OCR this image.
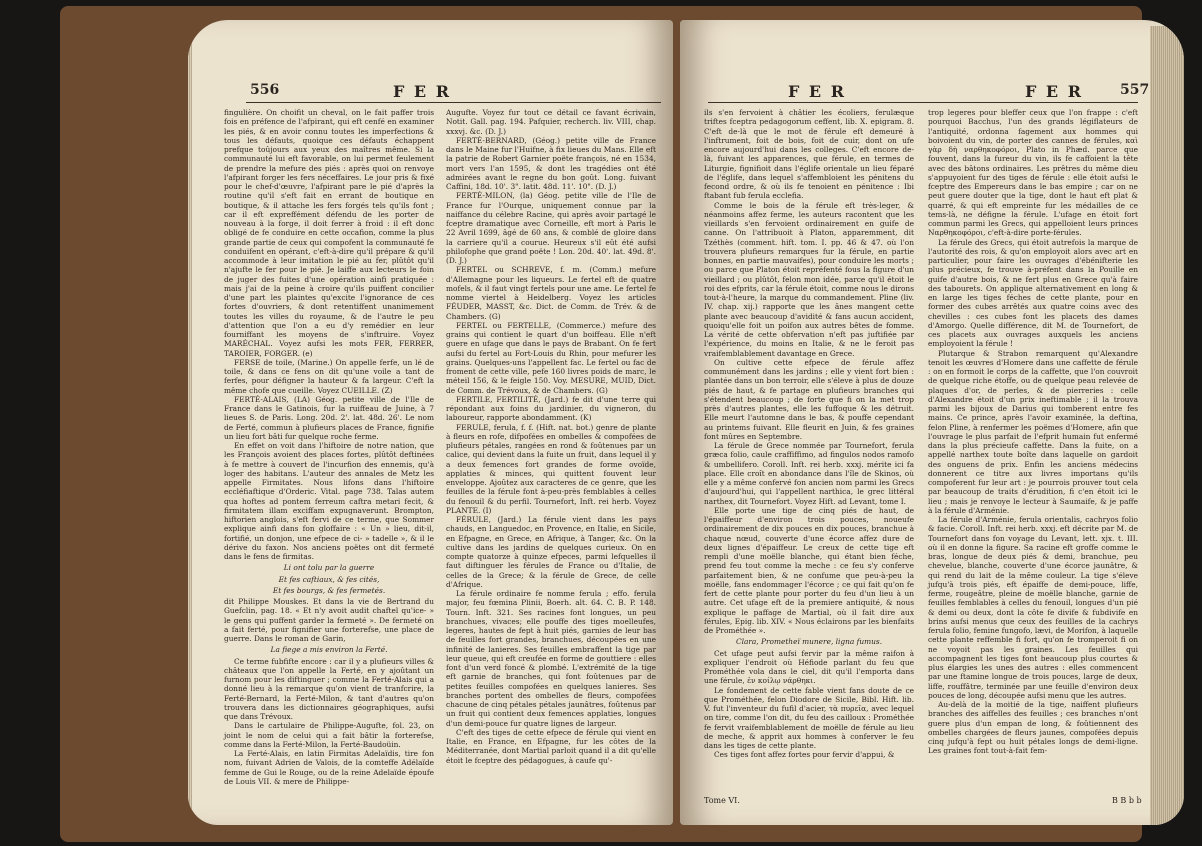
556	F E R

fingulière. On choifit un cheval, on le fait paffer trois fois en préfence de l'afpirant, qui eft cenfé en examiner les piés, & en avoir connu toutes les imperfections & tous les défauts, quoique ces défauts échappent prefque toûjours aux yeux des maîtres même. Si la communauté lui eft favorable, on lui permet feulement de prendre la mefure des piés : après quoi on renvoye l'afpirant forger les fers néceffaires. Le jour pris & fixé pour le chef-d'œuvre, l'afpirant pare le pié d'après la routine qu'il s'eft fait en errant de boutique en boutique, & il attache les fers forgés tels qu'ils font ; car il eft expreffément défendu de les porter de nouveau à la forge, il doit ferrer à froid : il eft donc obligé de fe conduire en cette occafion, comme la plus grande partie de ceux qui compofent la communauté fe conduifent en opérant, c'eft-à-dire qu'il prépare & qu'il accommode à leur imitation le pié au fer, plûtôt qu'il n'ajufte le fer pour le pié. Je laiffe aux lecteurs le foin de juger des fuites d'une opération ainfi pratiquée : mais j'ai de la peine à croire qu'ils puiffent concilier d'une part les plaintes qu'excite l'ignorance de ces fortes d'ouvriers, & dont retentiffent unanimement toutes les villes du royaume, & de l'autre le peu d'attention que l'on a eu d'y remédier en leur fourniffant les moyens de s'inftruire. Voyez MARÉCHAL. Voyez aufsi les mots FER, FERRER, TAROIER, FORGER. (e)

FERSE de toile, (Marine.) On appelle ferfe, un lé de toile, & dans ce fens on dit qu'une voile a tant de ferfes, pour défigner la hauteur & fa largeur. C'eft la même chofe que cueille. Voyez CUEILLE. (Z)

FERTÉ-ALAIS, (LA) Géog. petite ville de l'Ile de France dans le Gatinois, fur la ruiffeau de Juine, à 7 lieues S. de Paris. Long. 20d. 2'. lat. 48d. 26'. Le nom de Ferté, commun à plufieurs places de France, fignifie un lieu fort bâti fur quelque roche ferme.

En effet on voit dans l'hiftoire de notre nation, que les François avoient des places fortes, plûtôt deftinées à fe mettre à couvert de l'incurfion des ennemis, qu'à loger des habitans. L'auteur des annales de Metz les appelle Firmitates. Nous lifons dans l'hiftoire eccléfiaftique d'Orderic. Vital. page 738. Talas autem qua hoftes ad pontem ferreum caftra metari fecit, & firmitatem illam exciffam expugnaverunt. Brompton, hiftorien anglois, s'eft fervi de ce terme, que Sommer explique ainfi dans fon gloffaire : « Un » lieu, dit-il, fortifié, un donjon, une efpece de ci- » tadelle », & il le dérive du faxon. Nos anciens poëtes ont dit fermeté dans le fens de firmitas.

Li ont tolu par la guerre

Et fes caftiaux, & fes cités,

Et fes bourgs, & fes fermetés.

dit Philippe Mouskes. Et dans la vie de Bertrand du Guefclin, pag. 18. « Et n'y avoit audit chaftel qu'ice- » le gens qui puffent garder la fermeté ». De fermeté on a fait ferté, pour fignifier une forterefse, une place de guerre. Dans le roman de Garin,

La fiege a mis environ la Ferté.

Ce terme fubfifte encore : car il y a plufieurs villes & châteaux que l'on appelle la Ferté, en y ajoûtant un furnom pour les diftinguer ; comme la Ferté-Alais qui a donné lieu à la remarque qu'on vient de tranfcrire, la Ferté-Bernard, la Ferté-Milon, & tant d'autres qu'on trouvera dans les dictionnaires géographiques, aufsi que dans Trévoux.

Dans le cartulaire de Philippe-Augufte, fol. 23, on joint le nom de celui qui a fait bâtir la forterefse, comme dans la Ferté-Milon, la Ferté-Baudoüin.

La Ferté-Alais, en latin Firmitas Adelaïdis, tire fon nom, fuivant Adrien de Valois, de la comteffe Adélaïde femme de Gui le Rouge, ou de la reine Adelaïde époufe de Louis VII. & mere de Philippe-

Augufte. Voyez fur tout ce détail ce favant écrivain, Notit. Gall. pag. 194. Pafquier, recherch. liv. VIII, chap. xxxvj. &c. (D. J.)

FERTÉ-BERNARD, (Géog.) petite ville de France dans le Maine fur l'Huifne, à fix lieues du Mans. Elle eft la patrie de Robert Garnier poëte françois, né en 1534, mort vers l'an 1595, & dont les tragédies ont été admirées avant le regne du bon goût. Long. fuivant Caffini, 18d. 10'. 3". latit. 48d. 11'. 10". (D. J.)

FERTÉ-MILON, (la) Géog. petite ville de l'Ile de France fur l'Ourque, uniquement connue par la naiffance du célebre Racine, qui après avoir partagé le fceptre dramatique avec Corneille, eft mort à Paris le 22 Avril 1699, âgé de 60 ans, & comblé de gloire dans la carriere qu'il a courue. Heureux s'il eût été aufsi philofophe que grand poëte ! Lon. 20d. 40'. lat. 49d. 8'. (D. J.)

FERTEL ou SCHREVE, f. m. (Comm.) mefure d'Allemagne pour les liqueurs. Le fertel eft de quatre mofels, & il faut vingt fertels pour une ame. Le fertel fe nomme viertel à Heidelberg. Voyez les articles FÉUDER, MASST, &c. Dict. de Comm. de Trév. & de Chambers. (G)

FERTEL ou FERTELLE, (Commerce.) mefure des grains qui contient le quart d'un boiffeau. Elle n'eft guere en ufage que dans le pays de Brabant. On fe fert aufsi du fertel au Fort-Louis du Rhin, pour mefurer les grains. Quelques-uns l'appellent fac. Le fertel ou fac de froment de cette ville, pefe 160 livres poids de marc, le méteil 156, & le feigle 150. Voy. MESURE, MUID, Dict. de Comm. de Trévoux, & de Chambers. (G)

FERTILE, FERTILITÉ, (Jard.) fe dit d'une terre qui répondant aux foins du jardinier, du vigneron, du laboureur, rapporte abondamment. (K)

FERULE, ferula, f. f. (Hift. nat. bot.) genre de plante à fleurs en rofe, difpofées en ombelles & compofées de plufieurs pétales, rangées en rond & foûtenues par un calice, qui devient dans la fuite un fruit, dans lequel il y a deux femences fort grandes de forme ovoïde, applaties & minces, qui quittent fouvent leur enveloppe. Ajoûtez aux caracteres de ce genre, que les feuilles de la férule font à-peu-près femblables à celles du fenouil & du perfil. Tournefort, Inft. rei herb. Voyez PLANTE. (I)

FÉRULE, (Jard.) La férule vient dans les pays chauds, en Languedoc, en Provence, en Italie, en Sicile, en Efpagne, en Grece, en Afrique, à Tanger, &c. On la cultive dans les jardins de quelques curieux. On en compte quatorze à quinze efpeces, parmi lefquelles il faut diftinguer les férules de France ou d'Italie, de celles de la Grece; & la férule de Grece, de celle d'Afrique.

La férule ordinaire fe nomme ferula ; effo. ferula major, feu fœmina Plinii, Boerh. alt. 64. C. B. P. 148. Tourn. Inft. 321. Ses racines font longues, un peu branchues, vivaces; elle pouffe des tiges moelleufes, legeres, hautes de fept à huit piés, garnies de leur bas de feuilles fort grandes, branchues, découpées en une infinité de lanieres. Ses feuilles embraffent la tige par leur queue, qui eft creufée en forme de gouttiere : elles font d'un verd foncé & plombé. L'extrémité de la tige eft garnie de branches, qui font foûtenues par de petites feuilles compofées en quelques lanieres. Ses branches portent des ombelles de fleurs, compofées chacune de cinq pétales pétales jaunâtres, foûtenus par un fruit qui contient deux femences applaties, longues d'un demi-pouce fur quatre lignes de largeur.

C'eft des tiges de cette efpece de férule qui vient en Italie, en France, en Efpagne, fur les côtes de la Méditerranée, dont Martial parloit quand il a dit qu'elle étoit le fceptre des pédagogues, à caufe qu'-

F E R	F E R	557

ils s'en fervoient à châtier les écoliers, ferulæque triftes fceptra pedagogorum ceffent, lib. X. epigram. 8. C'eft de-là que le mot de férule eft demeuré à l'inftrument, foit de bois, foit de cuir, dont on ufe encore aujourd'hui dans les colleges. C'eft encore de-là, fuivant les apparences, que férule, en termes de Liturgie, fignifioit dans l'églife orientale un lieu féparé de l'églife, dans lequel s'affembloient les pénitens du fecond ordre, & où ils fe tenoient en pénitence : Ibi ftabant fub ferula ecclefia.

Comme le bois de la férule eft très-leger, & néanmoins affez ferme, les auteurs racontent que les vieillards s'en fervoient ordinairement en guife de canne. On l'attribuoit à Platon, apparemment, dit Tzéthès (comment. hift. tom. I. pp. 46 & 47. où l'on trouvera plufieurs remarques fur la férule, en partie bonnes, en partie mauvaifes), pour conduire les morts ; ou parce que Platon étoit repréfenté fous la figure d'un vieillard ; ou plûtôt, felon mon idée, parce qu'il étoit le roi des efprits, car la férule étoit, comme nous le dirons tout-à-l'heure, la marque du commandement. Pline (liv. IV. chap. xij.) rapporte que les ânes mangent cette plante avec beaucoup d'avidité & fans aucun accident, quoiqu'elle foit un poifon aux autres bêtes de fomme. La vérité de cette obfervation n'eft pas juftifiée par l'expérience, du moins en Italie, & ne le feroit pas vraifemblablement davantage en Grece.

On cultive cette efpece de férule affez communément dans les jardins ; elle y vient fort bien : plantée dans un bon terroir, elle s'éleve à plus de douze piés de haut, & fe partage en plufieurs branches qui s'étendent beaucoup ; de forte que fi on la met trop près d'autres plantes, elle les fuffoque & les détruit. Elle meurt l'automne dans le bas, & pouffe cependant au printems fuivant. Elle fleurit en Juin, & fes graines font mûres en Septembre.

La férule de Grece nommée par Tournefort, ferula græca folio, caule craffiffimo, ad fingulos nodos ramofo & umbellifero. Coroll. Inft. rei herb. xxxj. mérite ici fa place. Elle croît en abondance dans l'île de Skinos, où elle y a même confervé fon ancien nom parmi les Grecs d'aujourd'hui, qui l'appellent narthica, le grec littéral narthex, dit Tournefort. Voyez Hift. ad Levant, tome I.

Elle porte une tige de cinq piés de haut, de l'épaiffeur d'environ trois pouces, noueufe ordinairement de dix pouces en dix pouces, branchue à chaque nœud, couverte d'une écorce affez dure de deux lignes d'épaiffeur. Le creux de cette tige eft rempli d'une moëlle blanche, qui étant bien féche, prend feu tout comme la meche : ce feu s'y conferve parfaitement bien, & ne confume que peu-à-peu la moëlle, fans endommager l'écorce ; ce qui fait qu'on fe fert de cette plante pour porter du feu d'un lieu à un autre. Cet ufage eft de la premiere antiquité, & nous explique le paffage de Martial, où il fait dire aux férules, Epig. lib. XIV. « Nous éclairons par les bienfaits de Prométhée ».

Clara, Prometheï munere, ligna fumus.

Cet ufage peut aufsi fervir par la même raifon à expliquer l'endroit où Héfiode parlant du feu que Prométhée vola dans le ciel, dit qu'il l'emporta dans une férule, ἐν κοίλῳ νάρθηκι.

Le fondement de cette fable vient fans doute de ce que Prométhée, felon Diodore de Sicile, Bibl. Hift. lib. V. fut l'inventeur du fufil d'acier, τὰ πυρεῖα, avec lequel on tire, comme l'on dit, du feu des cailloux : Prométhée fe fervit vraifemblablement de moëlle de férule au lieu de meche, & apprit aux hommes à conferver le feu dans les tiges de cette plante.

Ces tiges font affez fortes pour fervir d'appui, &

trop legeres pour bleffer ceux que l'on frappe : c'eft pourquoi Bacchus, l'un des grands légiflateurs de l'antiquité, ordonna fagement aux hommes qui boivoient du vin, de porter des cannes de férules, καὶ γὰρ δὴ ναρθηκοφόροι, Plato in Phæd. parce que fouvent, dans la fureur du vin, ils fe caffoient la tête avec des bâtons ordinaires. Les prêtres du même dieu s'appuyoient fur des tiges de férule : elle étoit aufsi le fceptre des Empereurs dans le bas empire ; car on ne peut guere douter que la tige, dont le haut eft plat & quarré, & qui eft empreinte fur les médailles de ce tems-là, ne défigne la férule. L'ufage en étoit fort commun parmi les Grecs, qui appelloient leurs princes Ναρθηκοφόροι, c'eft-à-dire porte-férules.

La férule des Grecs, qui étoit autrefois la marque de l'autorité des rois, & qu'on employoit alors avec art en particulier, pour faire les ouvrages d'ébénifterie les plus précieux, fe trouve à-préfent dans la Pouille en guife d'autre bois, & ne fert plus en Grece qu'à faire des tabourets. On applique alternativement en long & en large les tiges féches de cette plante, pour en former des cubes arrêtés aux quatre coins avec des chevilles : ces cubes font les placets des dames d'Amorgo. Quelle différence, dit M. de Tournefort, de ces placets aux ouvrages auxquels les anciens employoient la férule !

Plutarque & Strabon remarquent qu'Alexandre tenoit les œuvres d'Homere dans une caffette de férule : on en formoit le corps de la caffette, que l'on couvroit de quelque riche étoffe, ou de quelque peau relevée de plaques d'or, de perles, & de pierreries : celle d'Alexandre étoit d'un prix ineftimable ; il la trouva parmi les bijoux de Darius qui tomberent entre fes mains. Ce prince, après l'avoir examinée, la deftina, felon Pline, à renfermer les poëmes d'Homere, afin que l'ouvrage le plus parfait de l'efprit humain fut enfermé dans la plus précieufe caffette. Dans la fuite, on a appellé narthex toute boîte dans laquelle on gardoit des onguens de prix. Enfin les anciens médecins donnerent ce titre aux livres importans qu'ils compoferent fur leur art : je pourrois prouver tout cela par beaucoup de traits d'érudition, fi c'en étoit ici le lieu ; mais je renvoye le lecteur à Saumaife, & je paffe à la férule d'Arménie.

La férule d'Arménie, ferula orientalis, cachryos folio & facie. Coroll. Inft. rei herb. xxxj. eft décrite par M. de Tournefort dans fon voyage du Levant, lett. xjx. t. III. où il en donne la figure. Sa racine eft groffe comme le bras, longue de deux piés & demi, branchue, peu chevelue, blanche, couverte d'une écorce jaunâtre, & qui rend du lait de la même couleur. La tige s'éleve jufqu'à trois piés, eft épaiffe de demi-pouce, liffe, ferme, rougeâtre, pleine de moëlle blanche, garnie de feuilles femblables à celles du fenouil, longues d'un pié & demi ou deux, dont la côte fe divife & fubdivife en brins aufsi menus que ceux des feuilles de la cachrys ferula folio, femine fungofo, lævi, de Morifon, à laquelle cette plante reffemble fi fort, qu'on fe tromperoit fi on ne voyoit pas les graines. Les feuilles qui accompagnent les tiges font beaucoup plus courtes & plus élargies les unes des autres : elles commencent par une ftamine longue de trois pouces, large de deux, liffe, rouffâtre, terminée par une feuille d'environ deux pouces de long, découpée aufsi menu que les autres.

Au-delà de la moitié de la tige, naiffent plufieurs branches des aiffelles des feuilles ; ces branches n'ont guere plus d'un empan de long, & foûtiennent des ombelles chargées de fleurs jaunes, compofées depuis cinq jufqu'à fept ou huit pétales longs de demi-ligne. Les graines font tout-à-fait fem-

Tome VI.	B B b b
